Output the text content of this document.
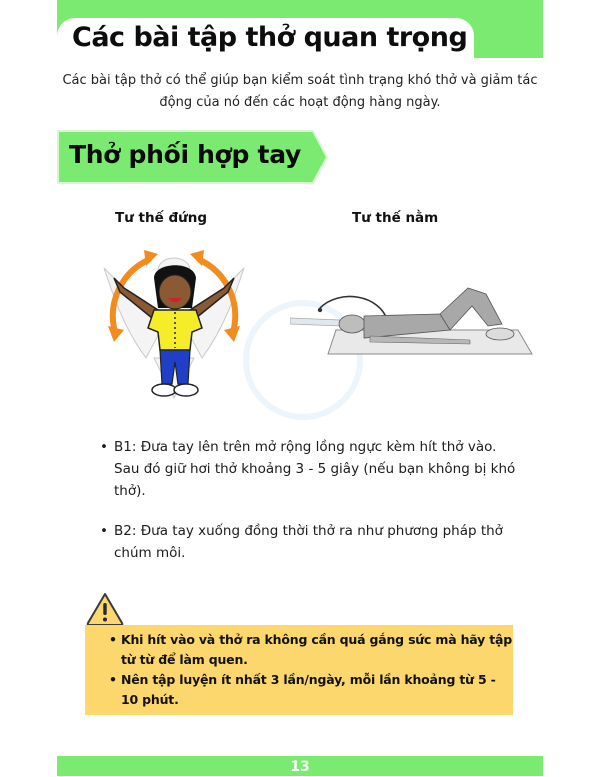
Các bài tập thở quan trọng

Các bài tập thở có thể giúp bạn kiểm soát tình trạng khó thở và giảm tác động của nó đến các hoạt động hàng ngày.

Thở phối hợp tay
Tư thế đứng	Tư thế nằm
• B1: Đưa tay lên trên mở rộng lồng ngực kèm hít thở vào. Sau đó giữ hơi thở khoảng 3 - 5 giây (nếu bạn không bị khó thở).
• B2: Đưa tay xuống đồng thời thở ra như phương pháp thở chúm môi.
• Khi hít vào và thở ra không cần quá gắng sức mà hãy tập từ từ để làm quen.
• Nên tập luyện ít nhất 3 lần/ngày, mỗi lần khoảng từ 5 - 10 phút.
13
